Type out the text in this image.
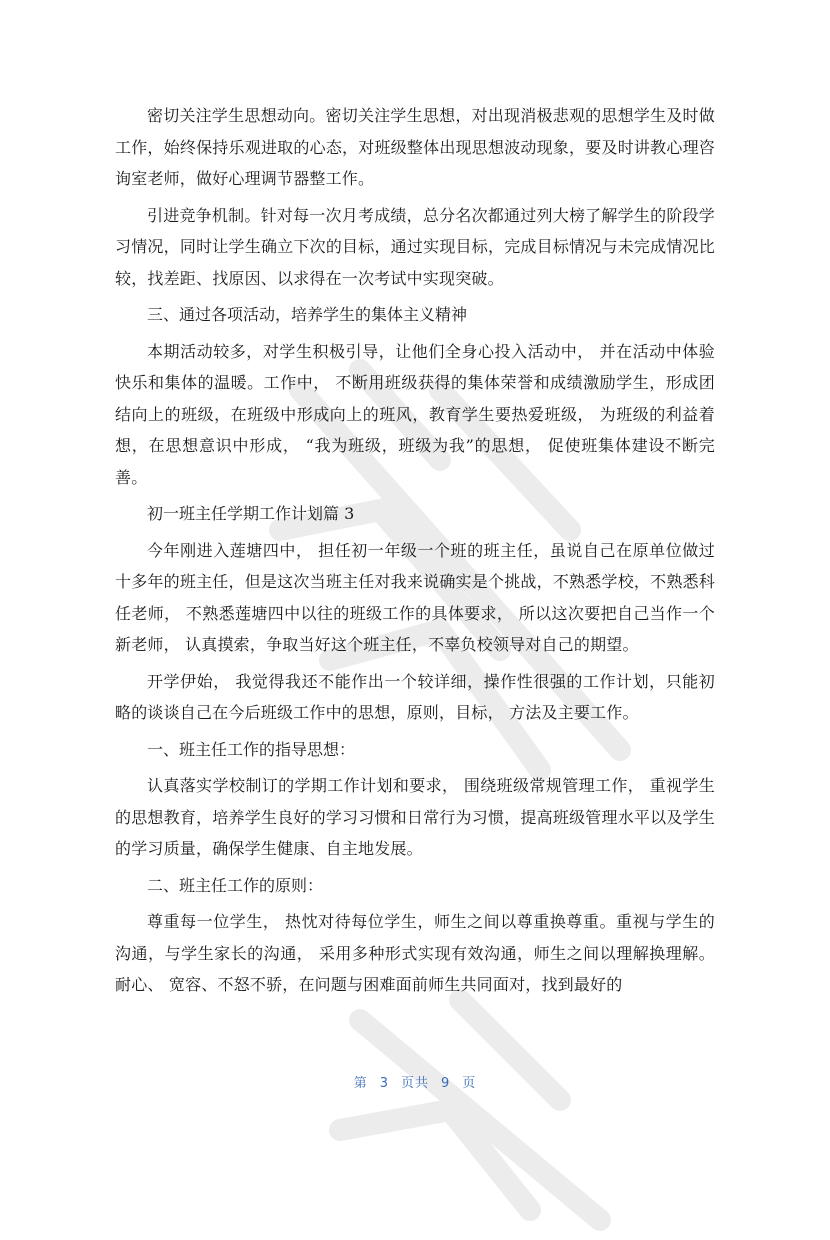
密切关注学生思想动向。密切关注学生思想，对出现消极悲观的思想学生及时做工作，始终保持乐观进取的心态，对班级整体出现思想波动现象，要及时讲教心理咨询室老师，做好心理调节器整工作。

引进竞争机制。针对每一次月考成绩，总分名次都通过列大榜了解学生的阶段学习情况，同时让学生确立下次的目标，通过实现目标，完成目标情况与未完成情况比较，找差距、找原因、以求得在一次考试中实现突破。

三、通过各项活动，培养学生的集体主义精神

本期活动较多，对学生积极引导，让他们全身心投入活动中， 并在活动中体验快乐和集体的温暖。工作中， 不断用班级获得的集体荣誉和成绩激励学生，形成团结向上的班级，在班级中形成向上的班风，教育学生要热爱班级， 为班级的利益着想，在思想意识中形成， “我为班级，班级为我”的思想， 促使班集体建设不断完善。

初一班主任学期工作计划篇 3

今年刚进入莲塘四中， 担任初一年级一个班的班主任，虽说自己在原单位做过十多年的班主任，但是这次当班主任对我来说确实是个挑战，不熟悉学校，不熟悉科任老师， 不熟悉莲塘四中以往的班级工作的具体要求， 所以这次要把自己当作一个新老师， 认真摸索，争取当好这个班主任，不辜负校领导对自己的期望。

开学伊始， 我觉得我还不能作出一个较详细，操作性很强的工作计划，只能初略的谈谈自己在今后班级工作中的思想，原则，目标， 方法及主要工作。

一、班主任工作的指导思想：

认真落实学校制订的学期工作计划和要求， 围绕班级常规管理工作， 重视学生的思想教育，培养学生良好的学习习惯和日常行为习惯，提高班级管理水平以及学生的学习质量，确保学生健康、自主地发展。

二、班主任工作的原则：

尊重每一位学生， 热忱对待每位学生，师生之间以尊重换尊重。重视与学生的沟通，与学生家长的沟通， 采用多种形式实现有效沟通，师生之间以理解换理解。 耐心、 宽容、不怒不骄，在问题与困难面前师生共同面对，找到最好的

第 3 页共 9 页
